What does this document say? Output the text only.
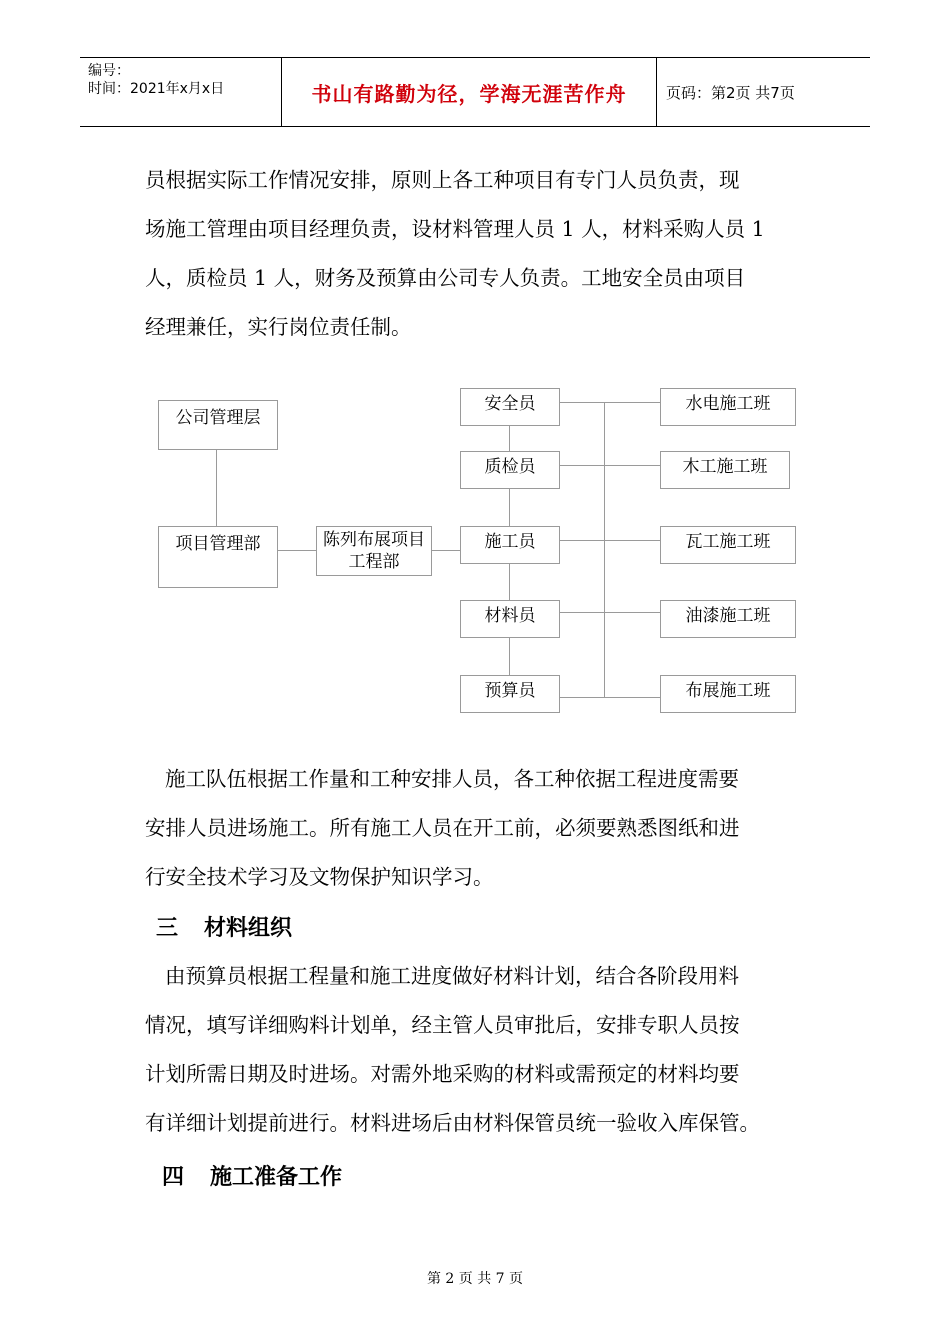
编号：
时间：2021年x月x日	书山有路勤为径，学海无涯苦作舟	页码：第2页 共7页
员根据实际工作情况安排，原则上各工种项目有专门人员负责，现
场施工管理由项目经理负责，设材料管理人员 1 人，材料采购人员 1
人，质检员 1 人，财务及预算由公司专人负责。工地安全员由项目
经理兼任，实行岗位责任制。
公司管理层
项目管理部	陈列布展项目工程部
安全员
质检员
施工员
材料员
预算员
水电施工班
木工施工班
瓦工施工班
油漆施工班
布展施工班
施工队伍根据工作量和工种安排人员，各工种依据工程进度需要
安排人员进场施工。所有施工人员在开工前，必须要熟悉图纸和进
行安全技术学习及文物保护知识学习。
三 材料组织
由预算员根据工程量和施工进度做好材料计划，结合各阶段用料
情况，填写详细购料计划单，经主管人员审批后，安排专职人员按
计划所需日期及时进场。对需外地采购的材料或需预定的材料均要
有详细计划提前进行。材料进场后由材料保管员统一验收入库保管。
四 施工准备工作
第 2 页 共 7 页
